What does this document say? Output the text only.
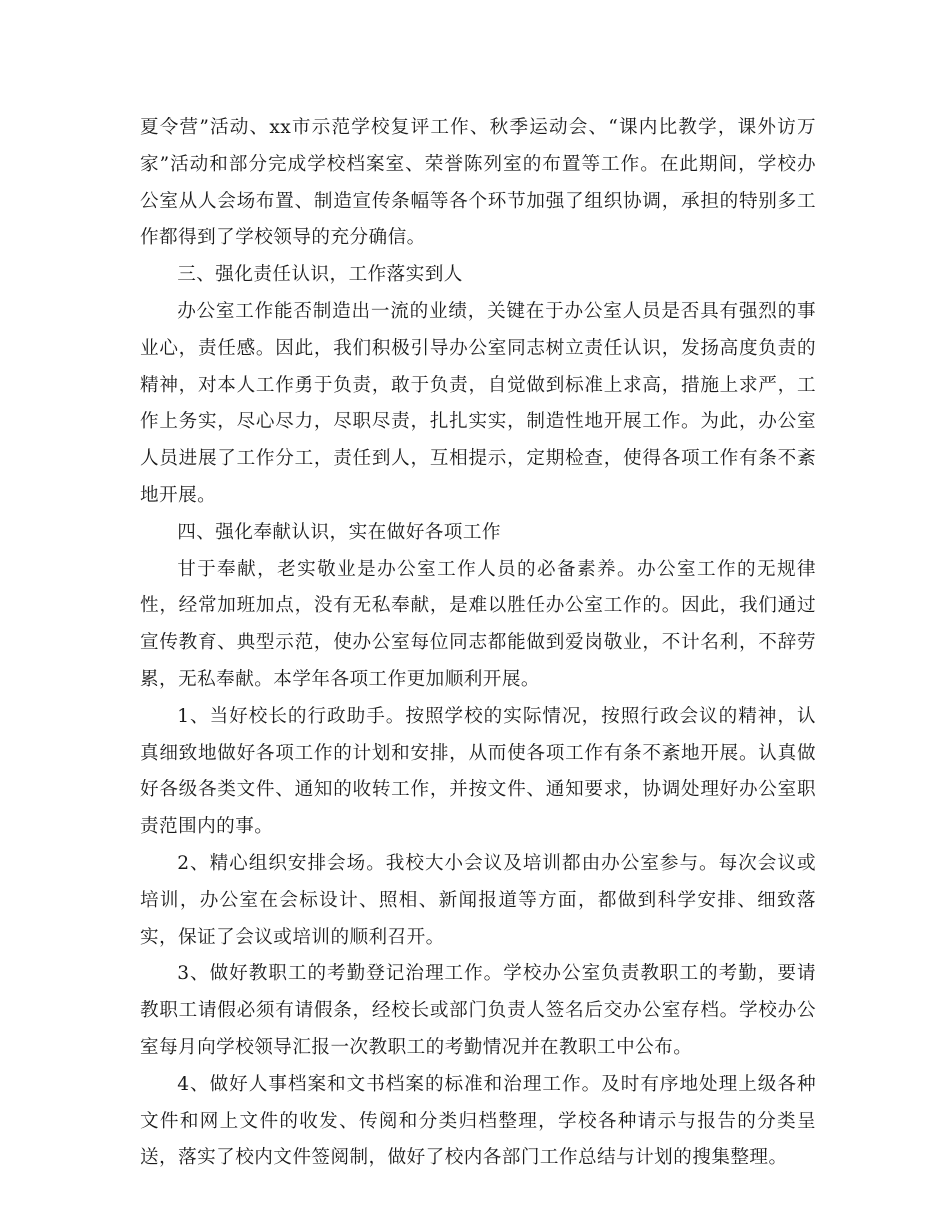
夏令营”活动、xx市示范学校复评工作、秋季运动会、“课内比教学，课外访万家”活动和部分完成学校档案室、荣誉陈列室的布置等工作。在此期间，学校办公室从人会场布置、制造宣传条幅等各个环节加强了组织协调，承担的特别多工作都得到了学校领导的充分确信。

三、强化责任认识，工作落实到人

办公室工作能否制造出一流的业绩，关键在于办公室人员是否具有强烈的事业心，责任感。因此，我们积极引导办公室同志树立责任认识，发扬高度负责的精神，对本人工作勇于负责，敢于负责，自觉做到标准上求高，措施上求严，工作上务实，尽心尽力，尽职尽责，扎扎实实，制造性地开展工作。为此，办公室人员进展了工作分工，责任到人，互相提示，定期检查，使得各项工作有条不紊地开展。

四、强化奉献认识，实在做好各项工作

甘于奉献，老实敬业是办公室工作人员的必备素养。办公室工作的无规律性，经常加班加点，没有无私奉献，是难以胜任办公室工作的。因此，我们通过宣传教育、典型示范，使办公室每位同志都能做到爱岗敬业，不计名利，不辞劳累，无私奉献。本学年各项工作更加顺利开展。

1、当好校长的行政助手。按照学校的实际情况，按照行政会议的精神，认真细致地做好各项工作的计划和安排，从而使各项工作有条不紊地开展。认真做好各级各类文件、通知的收转工作，并按文件、通知要求，协调处理好办公室职责范围内的事。

2、精心组织安排会场。我校大小会议及培训都由办公室参与。每次会议或培训，办公室在会标设计、照相、新闻报道等方面，都做到科学安排、细致落实，保证了会议或培训的顺利召开。

3、做好教职工的考勤登记治理工作。学校办公室负责教职工的考勤，要请教职工请假必须有请假条，经校长或部门负责人签名后交办公室存档。学校办公室每月向学校领导汇报一次教职工的考勤情况并在教职工中公布。

4、做好人事档案和文书档案的标准和治理工作。及时有序地处理上级各种文件和网上文件的收发、传阅和分类归档整理，学校各种请示与报告的分类呈送，落实了校内文件签阅制，做好了校内各部门工作总结与计划的搜集整理。
